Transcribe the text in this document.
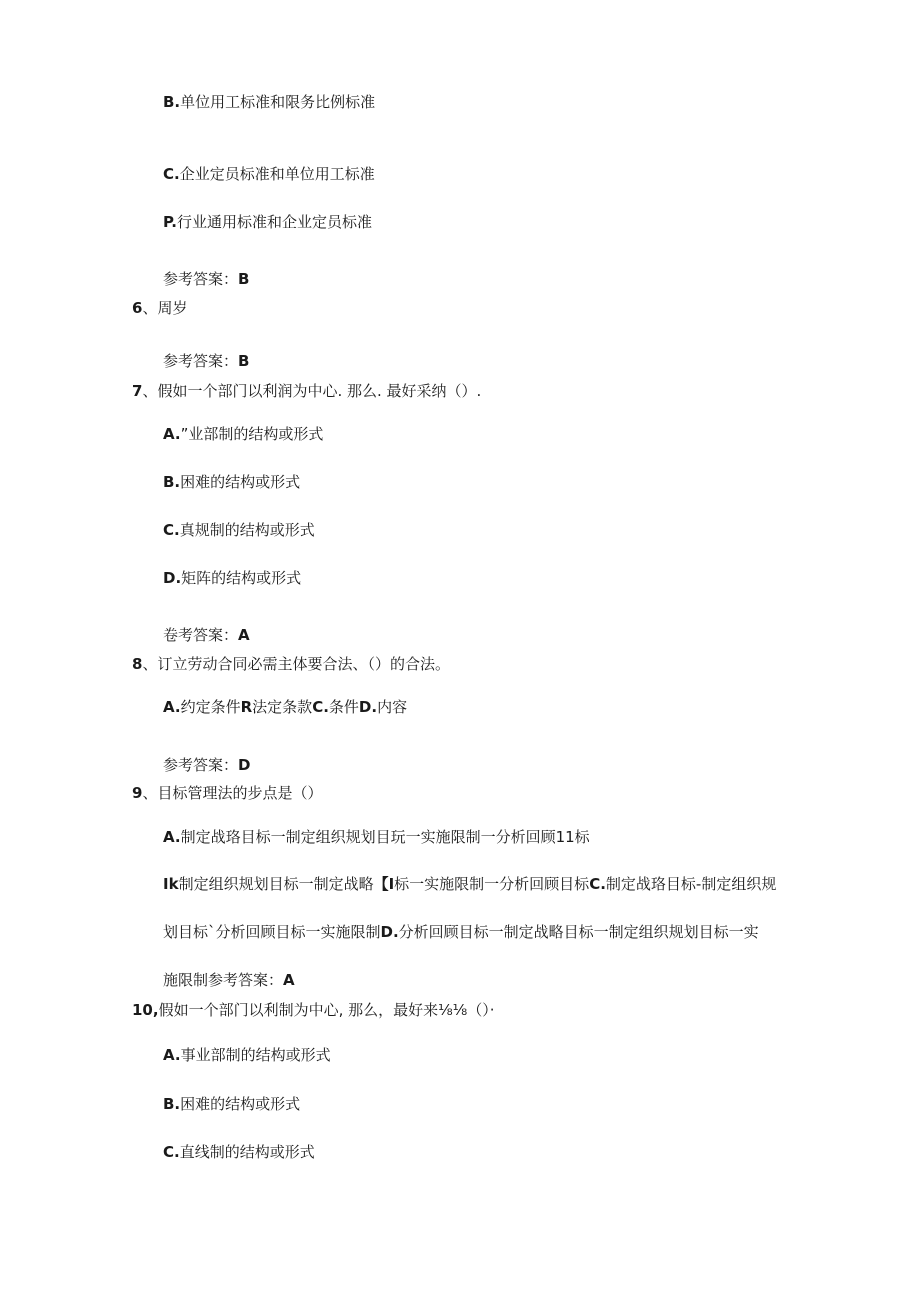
B.单位用工标准和限务比例标准
C.企业定员标准和单位用工标准
P.行业通用标准和企业定员标准
参考答案：B
6、周岁
参考答案：B
7、假如一个部门以利润为中心. 那么. 最好采纳（）.
A.”业部制的结构或形式
B.困难的结构或形式
C.真规制的结构或形式
D.矩阵的结构或形式
卷考答案：A
8、订立劳动合同必需主体要合法、（）的合法。
A.约定条件R法定条款C.条件D.内容
参考答案：D
9、目标管理法的步点是（）
A.制定战珞目标一制定组织规划目玩一实施限制一分析回顾11标
Ik制定组织规划目标一制定战略【I标一实施限制一分析回顾目标C.制定战珞目标-制定组织规
划目标`分析回顾目标一实施限制D.分析回顾目标一制定战略目标一制定组织规划目标一实
施限制参考答案：A
10,假如一个部门以利制为中心, 那么，最好来⅛⅛（）·
A.事业部制的结构或形式
B.困难的结构或形式
C.直线制的结构或形式
